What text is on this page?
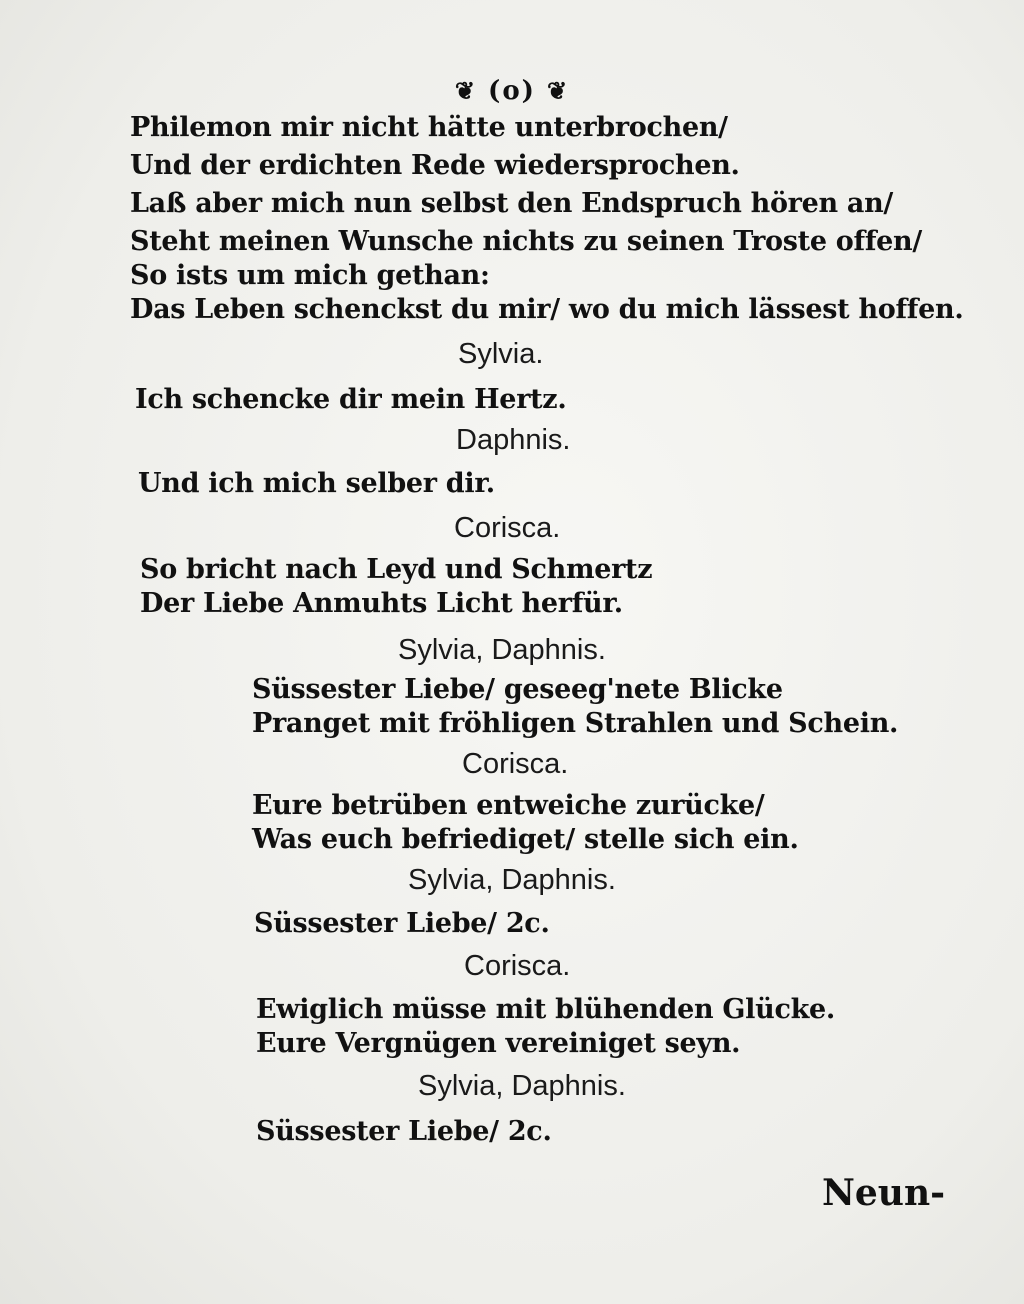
❦ (o) ❦
Philemon mir nicht hätte unterbrochen/
Und der erdichten Rede wiedersprochen.
Laß aber mich nun selbst den Endspruch hören an/
Steht meinen Wunsche nichts zu seinen Troste offen/
So ists um mich gethan:
Das Leben schenckst du mir/ wo du mich lässest hoffen.
Sylvia.
Ich schencke dir mein Hertz.
Daphnis.
Und ich mich selber dir.
Corisca.
So bricht nach Leyd und Schmertz
Der Liebe Anmuhts Licht herfür.
Sylvia, Daphnis.
Süssester Liebe/ geseeg'nete Blicke
Pranget mit fröhligen Strahlen und Schein.
Corisca.
Eure betrüben entweiche zurücke/
Was euch befriediget/ stelle sich ein.
Sylvia, Daphnis.
Süssester Liebe/ 2c.
Corisca.
Ewiglich müsse mit blühenden Glücke.
Eure Vergnügen vereiniget seyn.
Sylvia, Daphnis.
Süssester Liebe/ 2c.
Neun-
